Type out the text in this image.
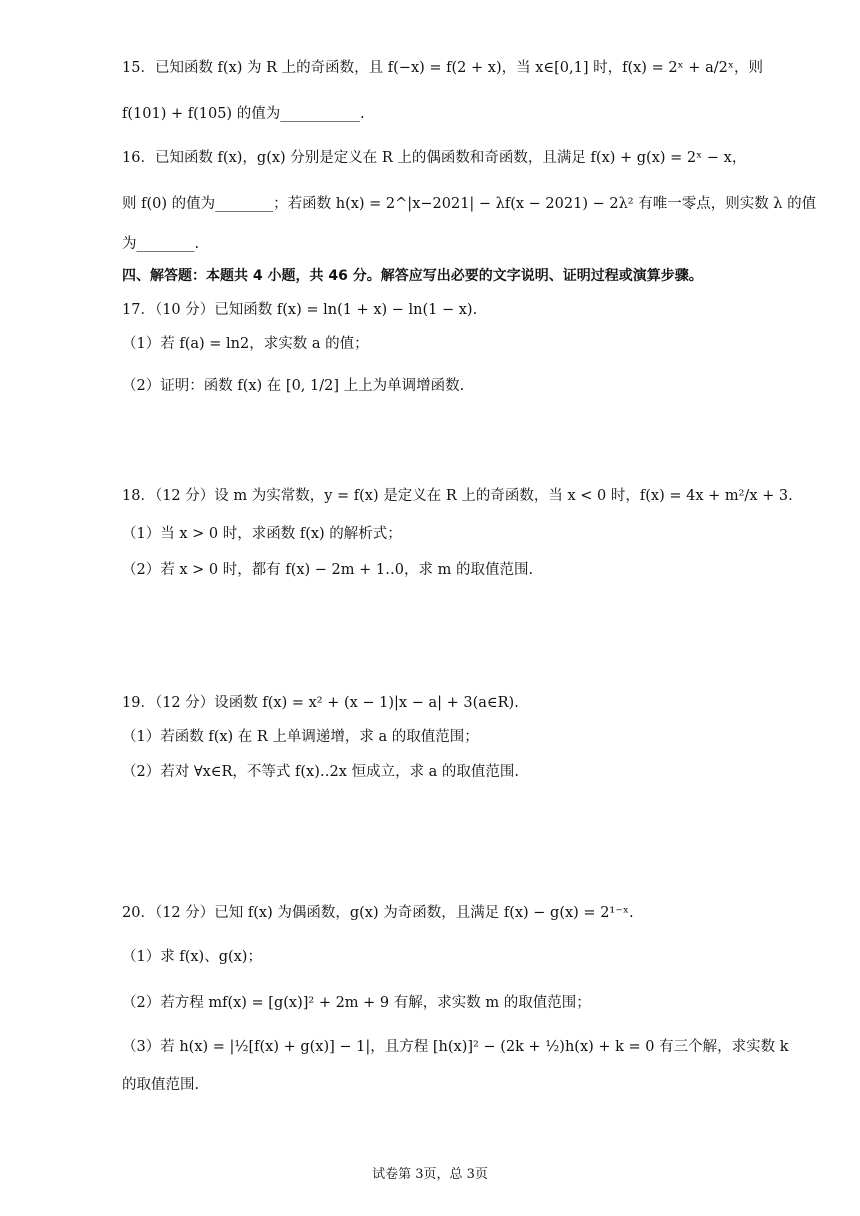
15．已知函数 f(x) 为 R 上的奇函数，且 f(−x) = f(2 + x)，当 x∈[0,1] 时，f(x) = 2ˣ + a/2ˣ，则
f(101) + f(105) 的值为___________.
16．已知函数 f(x)，g(x) 分别是定义在 R 上的偶函数和奇函数，且满足 f(x) + g(x) = 2ˣ − x，
则 f(0) 的值为________；若函数 h(x) = 2^|x−2021| − λf(x − 2021) − 2λ² 有唯一零点，则实数 λ 的值
为________.
四、解答题：本题共 4 小题，共 46 分。解答应写出必要的文字说明、证明过程或演算步骤。
17．（10 分）已知函数 f(x) = ln(1 + x) − ln(1 − x).
（1）若 f(a) = ln2，求实数 a 的值；
（2）证明：函数 f(x) 在 [0, 1/2] 上上为单调增函数.
18．（12 分）设 m 为实常数，y = f(x) 是定义在 R 上的奇函数，当 x < 0 时，f(x) = 4x + m²/x + 3.
（1）当 x > 0 时，求函数 f(x) 的解析式；
（2）若 x > 0 时，都有 f(x) − 2m + 1‥0，求 m 的取值范围.
19．（12 分）设函数 f(x) = x² + (x − 1)|x − a| + 3(a∈R).
（1）若函数 f(x) 在 R 上单调递增，求 a 的取值范围；
（2）若对 ∀x∈R，不等式 f(x)‥2x 恒成立，求 a 的取值范围.
20．（12 分）已知 f(x) 为偶函数，g(x) 为奇函数，且满足 f(x) − g(x) = 2¹⁻ˣ.
（1）求 f(x)、g(x)；
（2）若方程 mf(x) = [g(x)]² + 2m + 9 有解，求实数 m 的取值范围；
（3）若 h(x) = |½[f(x) + g(x)] − 1|，且方程 [h(x)]² − (2k + ½)h(x) + k = 0 有三个解，求实数 k
的取值范围.
试卷第 3页，总 3页
